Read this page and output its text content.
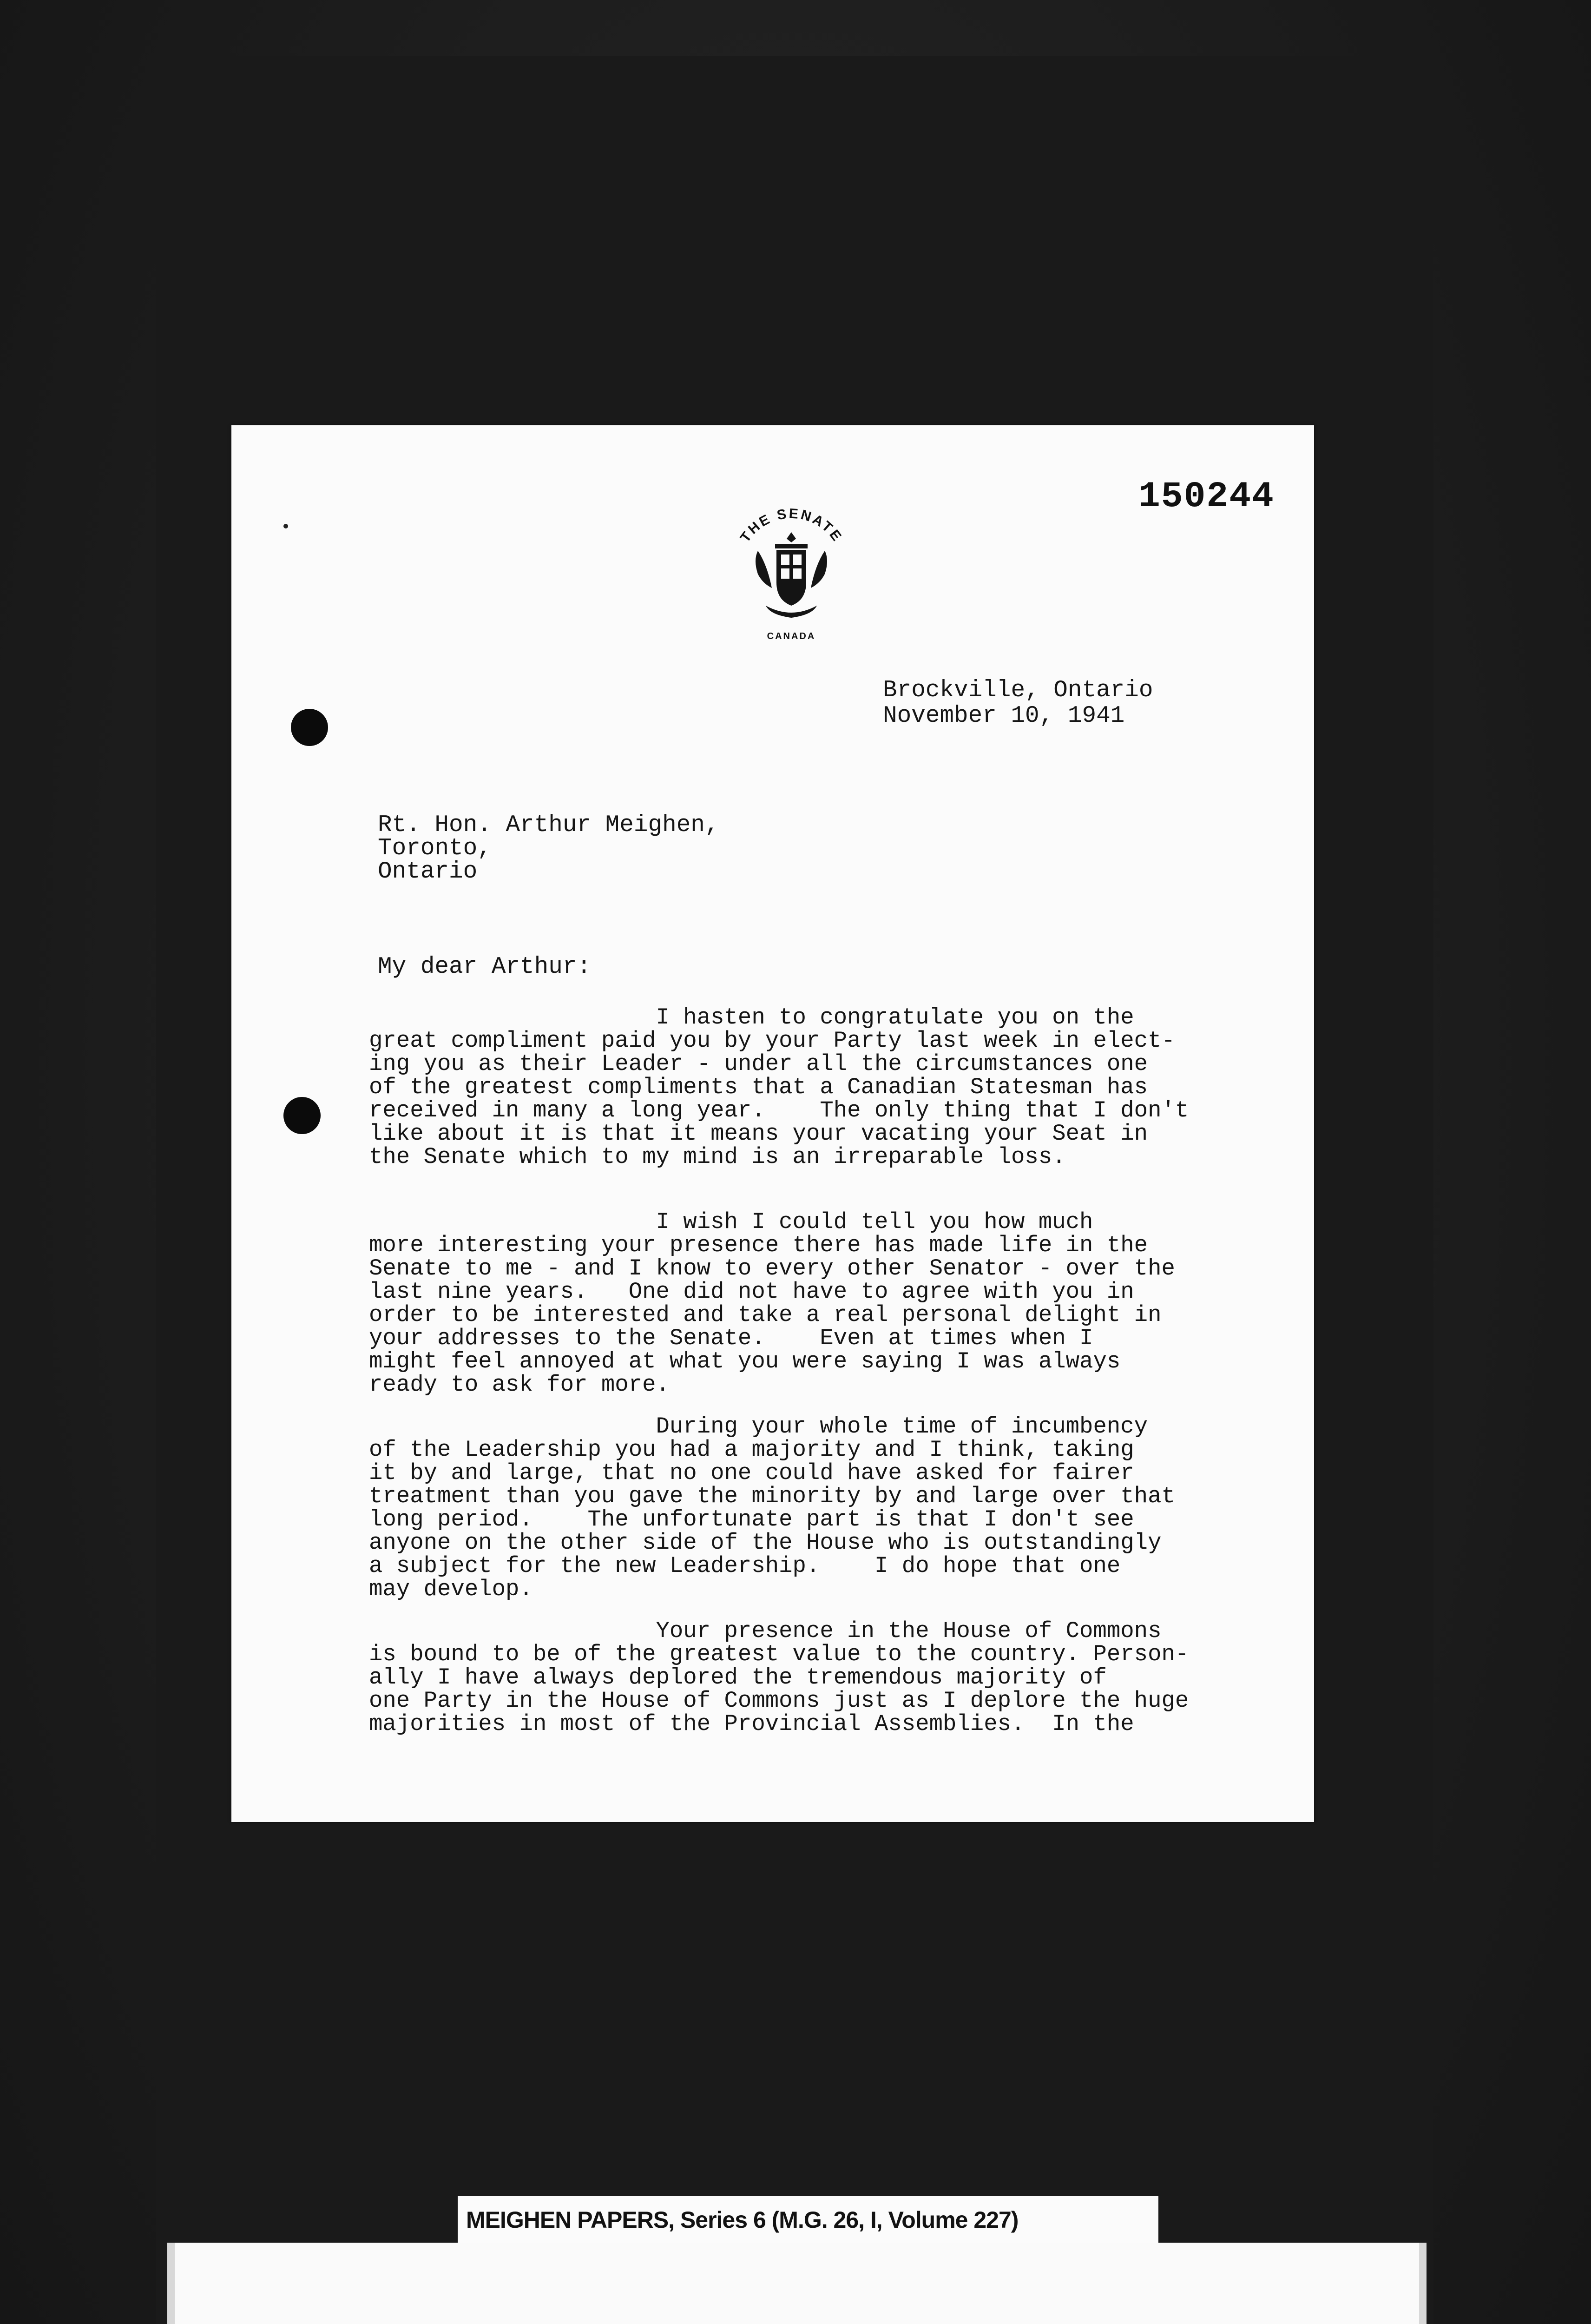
150244
THE SENATE
CANADA
Brockville, Ontario
November 10, 1941
Rt. Hon. Arthur Meighen,
Toronto,
Ontario
My dear Arthur:
I hasten to congratulate you on the
great compliment paid you by your Party last week in elect-
ing you as their Leader - under all the circumstances one
of the greatest compliments that a Canadian Statesman has
received in many a long year.    The only thing that I don't
like about it is that it means your vacating your Seat in
the Senate which to my mind is an irreparable loss.
I wish I could tell you how much
more interesting your presence there has made life in the
Senate to me - and I know to every other Senator - over the
last nine years.   One did not have to agree with you in
order to be interested and take a real personal delight in
your addresses to the Senate.    Even at times when I
might feel annoyed at what you were saying I was always
ready to ask for more.
During your whole time of incumbency
of the Leadership you had a majority and I think, taking
it by and large, that no one could have asked for fairer
treatment than you gave the minority by and large over that
long period.    The unfortunate part is that I don't see
anyone on the other side of the House who is outstandingly
a subject for the new Leadership.    I do hope that one
may develop.
Your presence in the House of Commons
is bound to be of the greatest value to the country. Person-
ally I have always deplored the tremendous majority of
one Party in the House of Commons just as I deplore the huge
majorities in most of the Provincial Assemblies.  In the
MEIGHEN PAPERS, Series 6 (M.G. 26, I, Volume 227)
